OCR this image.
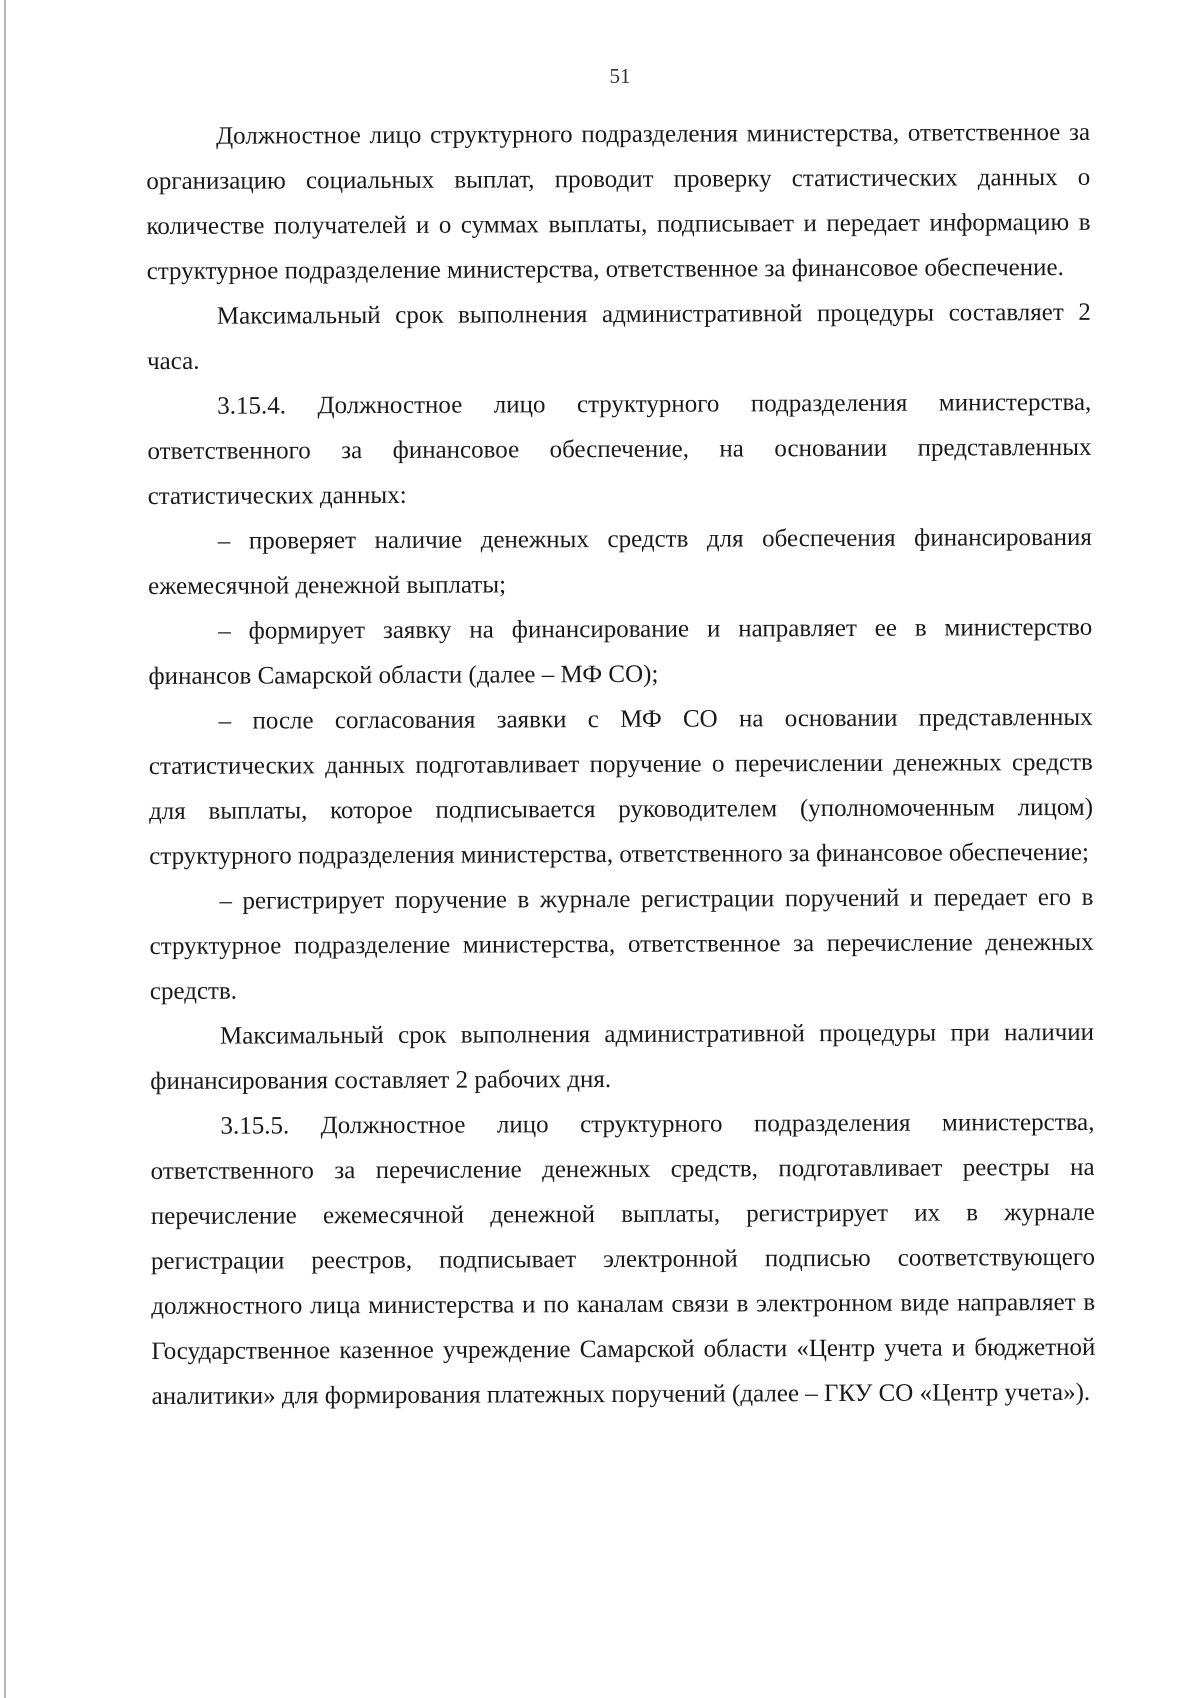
51

Должностное лицо структурного подразделения министерства, ответственное за организацию социальных выплат, проводит проверку статистических данных о количестве получателей и о суммах выплаты, подписывает и передает информацию в структурное подразделение министерства, ответственное за финансовое обеспечение.

Максимальный срок выполнения административной процедуры составляет 2 часа.

3.15.4. Должностное лицо структурного подразделения министерства, ответственного за финансовое обеспечение, на основании представленных статистических данных:

– проверяет наличие денежных средств для обеспечения финансирования ежемесячной денежной выплаты;

– формирует заявку на финансирование и направляет ее в министерство финансов Самарской области (далее – МФ СО);

– после согласования заявки с МФ СО на основании представленных статистических данных подготавливает поручение о перечислении денежных средств для выплаты, которое подписывается руководителем (уполномоченным лицом) структурного подразделения министерства, ответственного за финансовое обеспечение;

– регистрирует поручение в журнале регистрации поручений и передает его в структурное подразделение министерства, ответственное за перечисление денежных средств.

Максимальный срок выполнения административной процедуры при наличии финансирования составляет 2 рабочих дня.

3.15.5. Должностное лицо структурного подразделения министерства, ответственного за перечисление денежных средств, подготавливает реестры на перечисление ежемесячной денежной выплаты, регистрирует их в журнале регистрации реестров, подписывает электронной подписью соответствующего должностного лица министерства и по каналам связи в электронном виде направляет в Государственное казенное учреждение Самарской области «Центр учета и бюджетной аналитики» для формирования платежных поручений (далее – ГКУ СО «Центр учета»).
